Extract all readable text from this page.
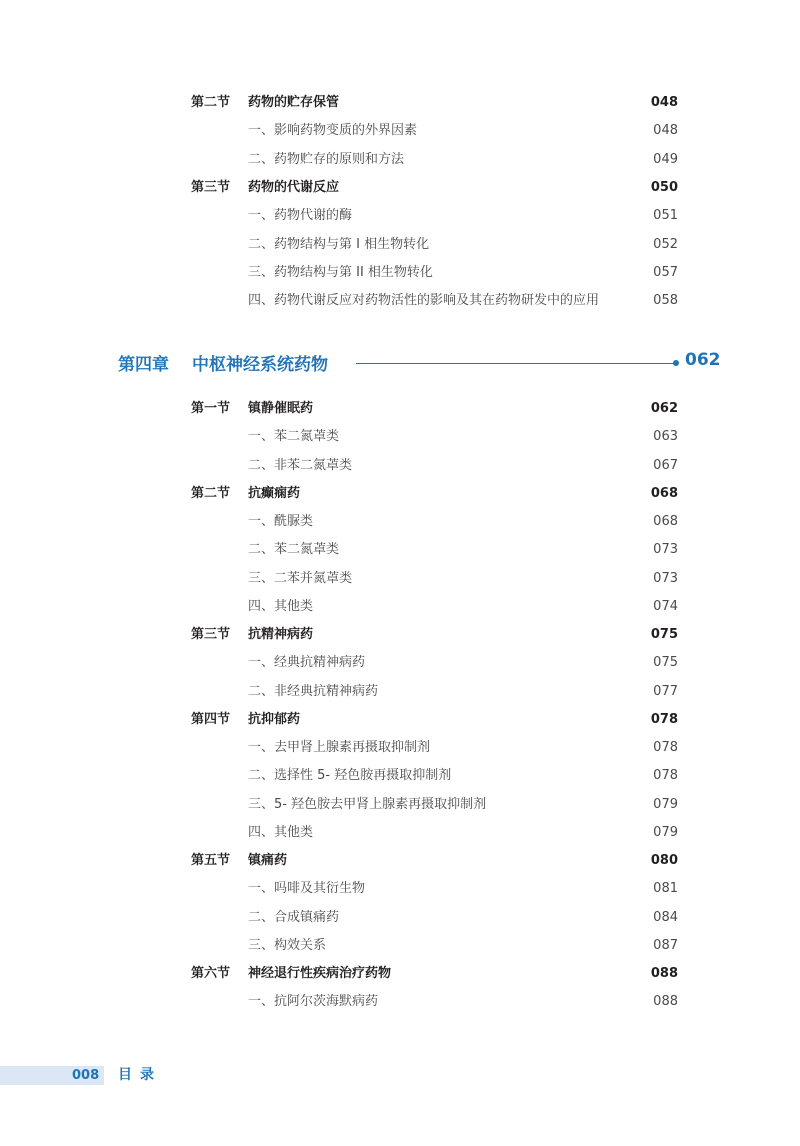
第二节 药物的贮存保管	048
一、影响药物变质的外界因素	048
二、药物贮存的原则和方法	049
第三节 药物的代谢反应	050
一、药物代谢的酶	051
二、药物结构与第 I 相生物转化	052
三、药物结构与第 II 相生物转化	057
四、药物代谢反应对药物活性的影响及其在药物研发中的应用	058
第四章 中枢神经系统药物	062
第一节 镇静催眠药	062
一、苯二氮䓬类	063
二、非苯二氮䓬类	067
第二节 抗癫痫药	068
一、酰脲类	068
二、苯二氮䓬类	073
三、二苯并氮䓬类	073
四、其他类	074
第三节 抗精神病药	075
一、经典抗精神病药	075
二、非经典抗精神病药	077
第四节 抗抑郁药	078
一、去甲肾上腺素再摄取抑制剂	078
二、选择性 5- 羟色胺再摄取抑制剂	078
三、5- 羟色胺去甲肾上腺素再摄取抑制剂	079
四、其他类	079
第五节 镇痛药	080
一、吗啡及其衍生物	081
二、合成镇痛药	084
三、构效关系	087
第六节 神经退行性疾病治疗药物	088
一、抗阿尔茨海默病药	088
008 目录
